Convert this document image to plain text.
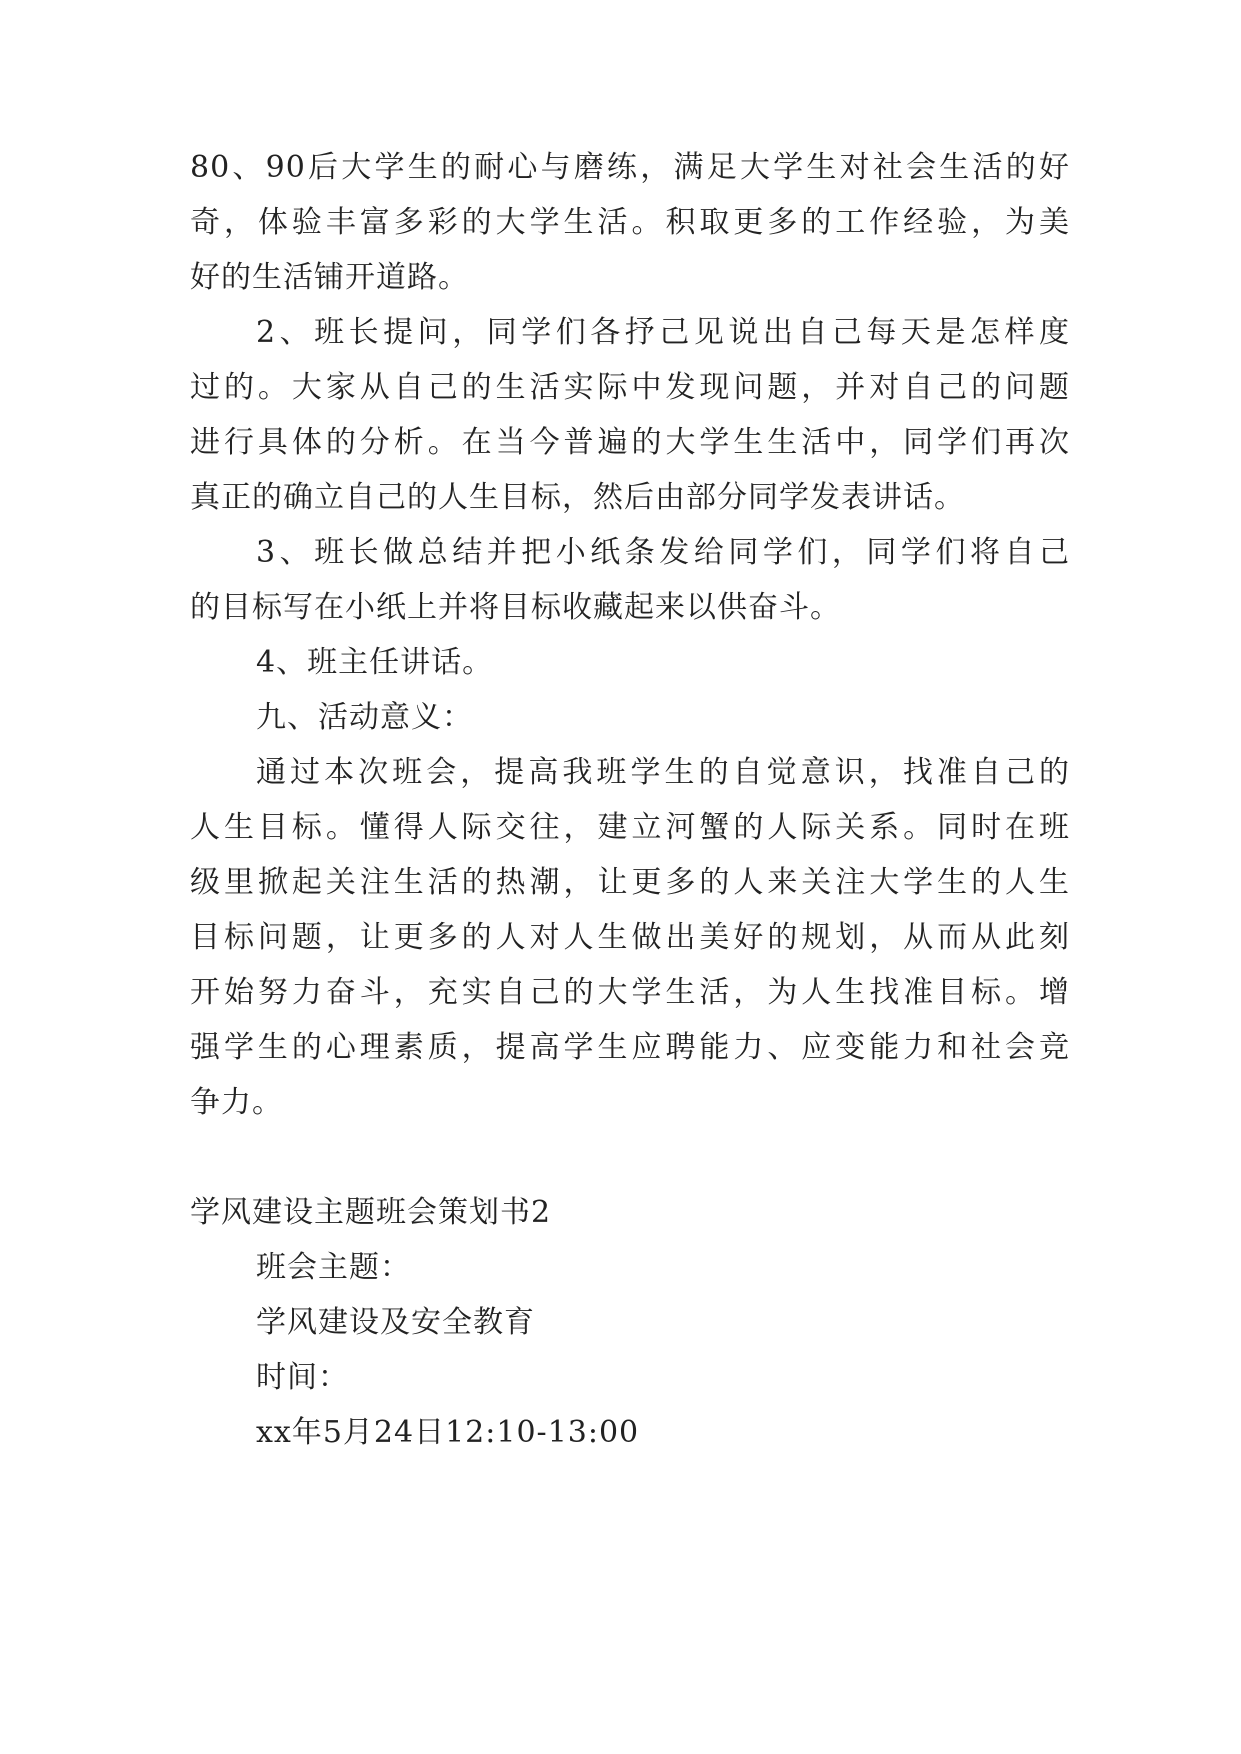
80、90后大学生的耐心与磨练，满足大学生对社会生活的好
奇，体验丰富多彩的大学生活。积取更多的工作经验，为美
好的生活铺开道路。
2、班长提问，同学们各抒己见说出自己每天是怎样度
过的。大家从自己的生活实际中发现问题，并对自己的问题
进行具体的分析。在当今普遍的大学生生活中，同学们再次
真正的确立自己的人生目标，然后由部分同学发表讲话。
3、班长做总结并把小纸条发给同学们，同学们将自己
的目标写在小纸上并将目标收藏起来以供奋斗。
4、班主任讲话。
九、活动意义：
通过本次班会，提高我班学生的自觉意识，找准自己的
人生目标。懂得人际交往，建立河蟹的人际关系。同时在班
级里掀起关注生活的热潮，让更多的人来关注大学生的人生
目标问题，让更多的人对人生做出美好的规划，从而从此刻
开始努力奋斗，充实自己的大学生活，为人生找准目标。增
强学生的心理素质，提高学生应聘能力、应变能力和社会竞
争力。
学风建设主题班会策划书2
班会主题：
学风建设及安全教育
时间：
xx年5月24日12:10-13:00
